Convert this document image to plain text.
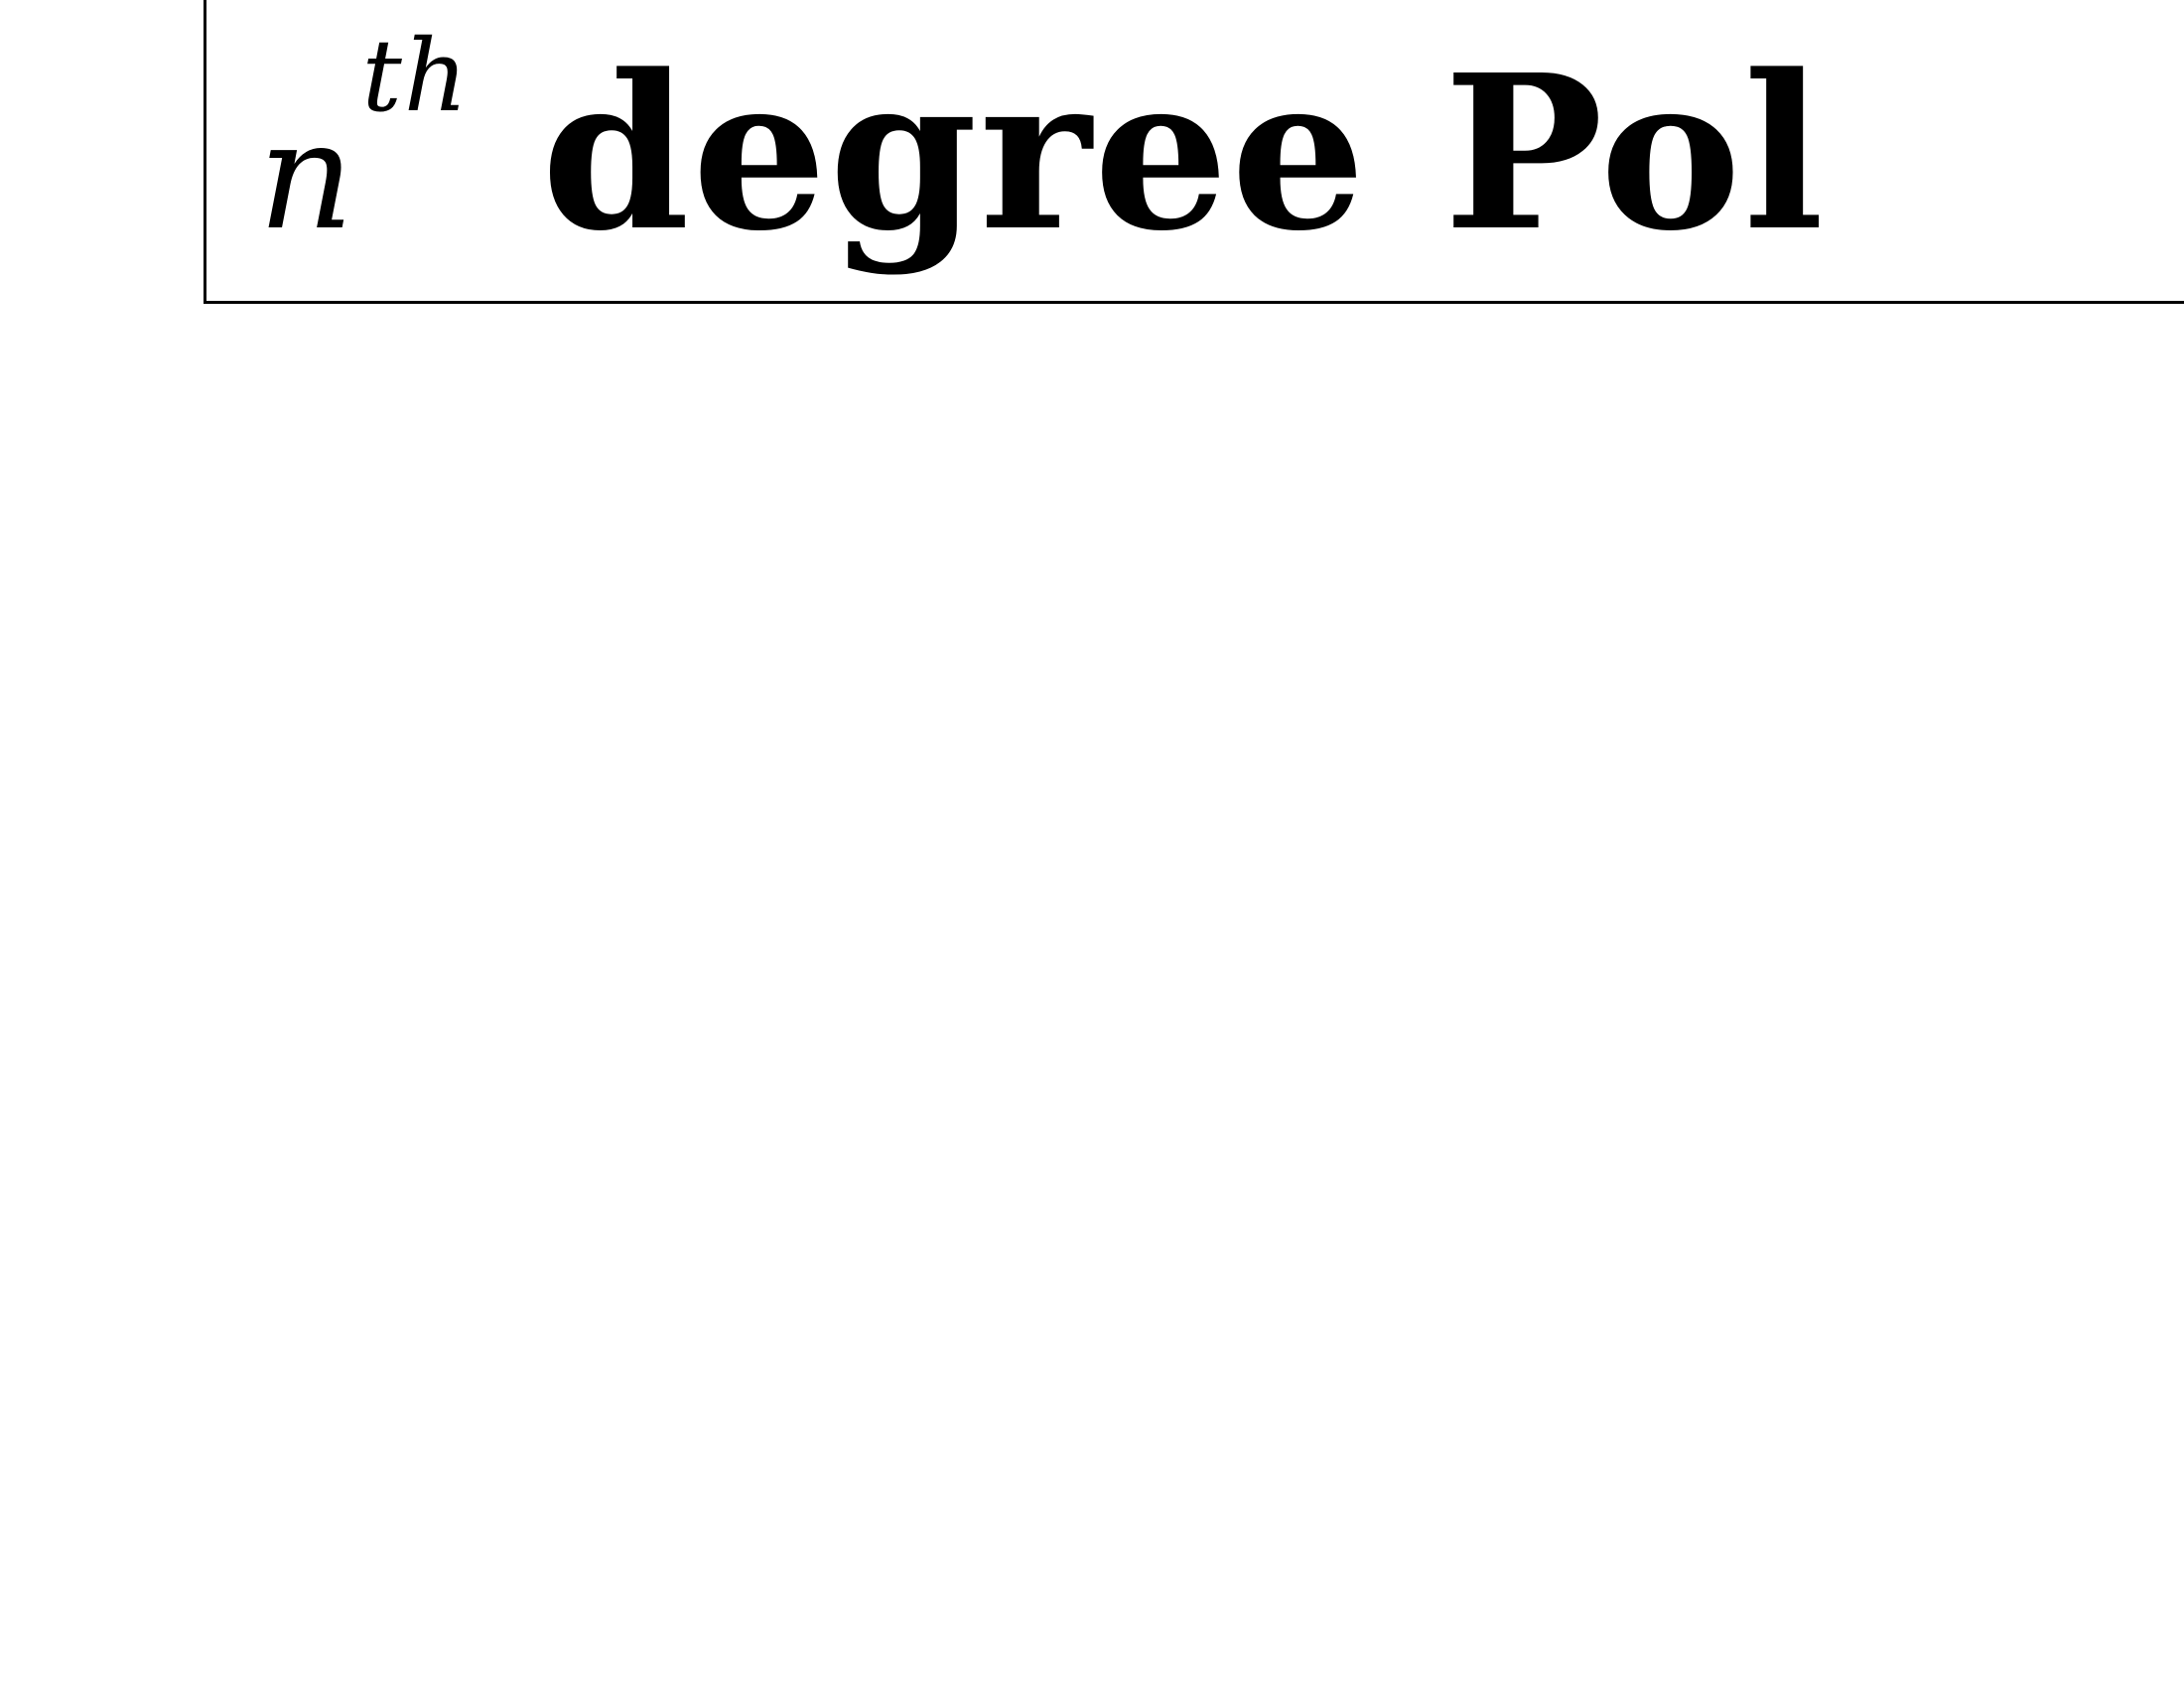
nth degree Pol
